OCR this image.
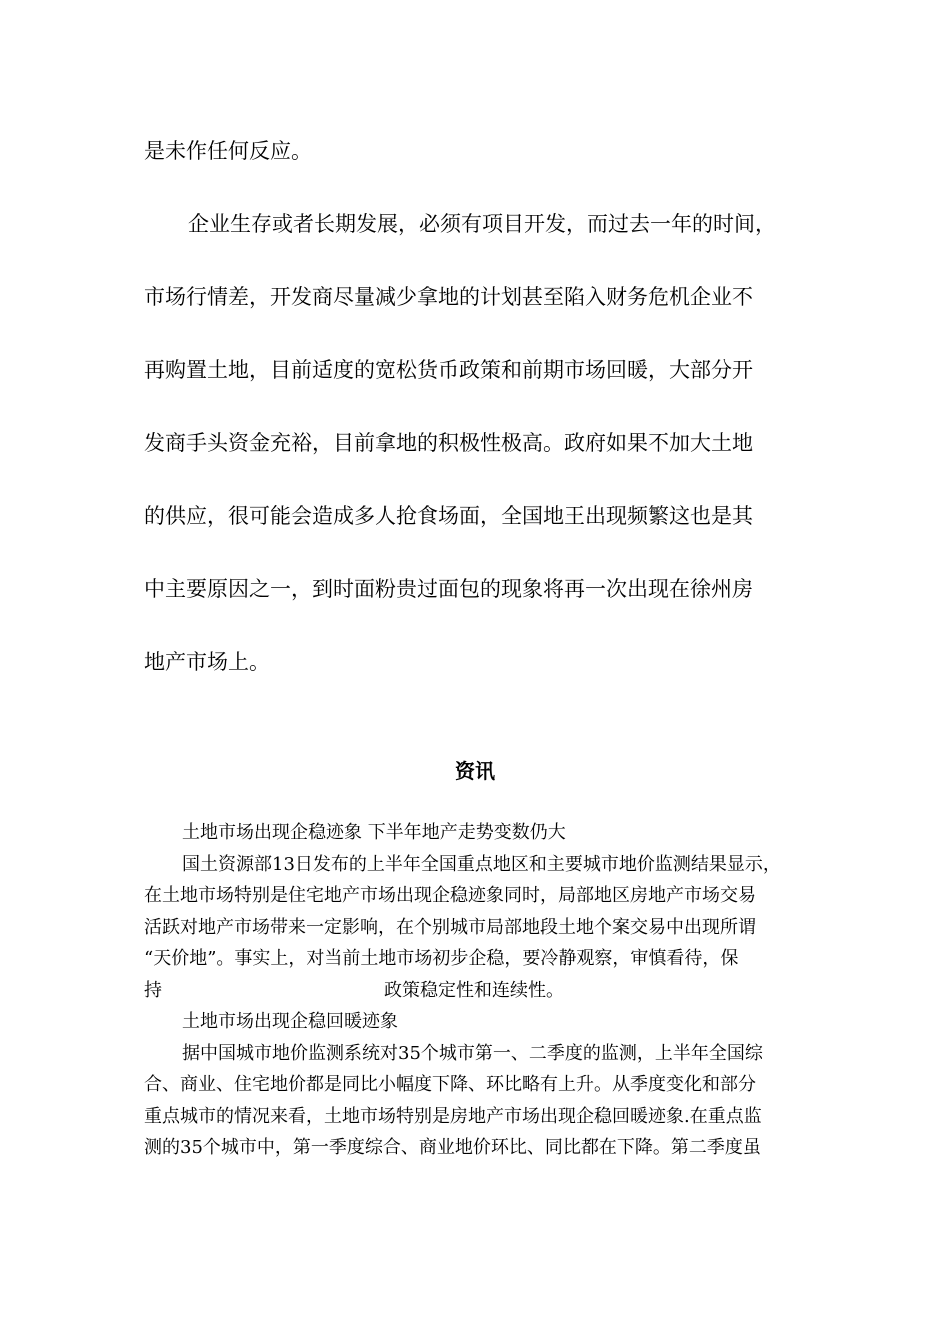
是未作任何反应。
企业生存或者长期发展，必须有项目开发，而过去一年的时间，
市场行情差，开发商尽量减少拿地的计划甚至陷入财务危机企业不
再购置土地，目前适度的宽松货币政策和前期市场回暖，大部分开
发商手头资金充裕，目前拿地的积极性极高。政府如果不加大土地
的供应，很可能会造成多人抢食场面，全国地王出现频繁这也是其
中主要原因之一，到时面粉贵过面包的现象将再一次出现在徐州房
地产市场上。
资讯
土地市场出现企稳迹象 下半年地产走势变数仍大
国土资源部13日发布的上半年全国重点地区和主要城市地价监测结果显示，
在土地市场特别是住宅地产市场出现企稳迹象同时，局部地区房地产市场交易
活跃对地产市场带来一定影响，在个别城市局部地段土地个案交易中出现所谓
“天价地”。事实上，对当前土地市场初步企稳，要冷静观察，审慎看待，保
持	政策稳定性和连续性。
土地市场出现企稳回暖迹象
据中国城市地价监测系统对35个城市第一、二季度的监测，上半年全国综
合、商业、住宅地价都是同比小幅度下降、环比略有上升。从季度变化和部分
重点城市的情况来看，土地市场特别是房地产市场出现企稳回暖迹象.在重点监
测的35个城市中，第一季度综合、商业地价环比、同比都在下降。第二季度虽
